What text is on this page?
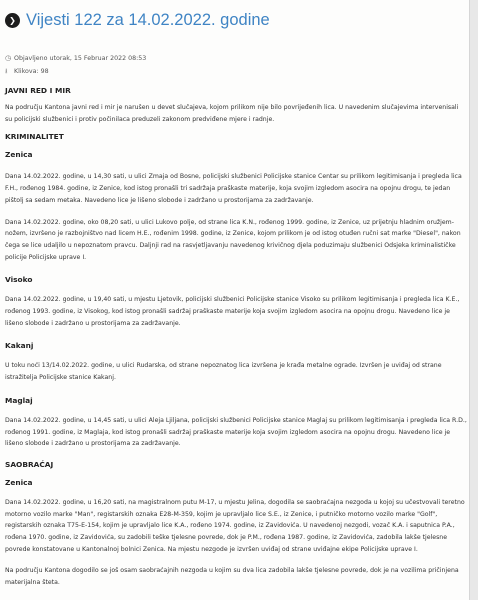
❯ Vijesti 122 za 14.02.2022. godine
◷ Objavljeno utorak, 15 Februar 2022 08:53
⭳ Klikova: 98
JAVNI RED I MIR

Na području Kantona javni red i mir je narušen u devet slučajeva, kojom prilikom nije bilo povrijeđenih lica. U navedenim slučajevima intervenisali su policijski službenici i protiv počinilaca preduzeli zakonom predviđene mjere i radnje.

KRIMINALITET
Zenica

Dana 14.02.2022. godine, u 14,30 sati, u ulici Zmaja od Bosne, policijski službenici Policijske stanice Centar su prilikom legitimisanja i pregleda lica F.H., rođenog 1984. godine, iz Zenice, kod istog pronašli tri sadržaja praškaste materije, koja svojim izgledom asocira na opojnu drogu, te jedan pištolj sa sedam metaka. Navedeno lice je lišeno slobode i zadržano u prostorijama za zadržavanje.

Dana 14.02.2022. godine, oko 08,20 sati, u ulici Lukovo polje, od strane lica K.N., rođenog 1999. godine, iz Zenice, uz prijetnju hladnim oružjem-nožem, izvršeno je razbojništvo nad licem H.E., rođenim 1998. godine, iz Zenice, kojom prilikom je od istog otuđen ručni sat marke "Diesel", nakon čega se lice udaljilo u nepoznatom pravcu. Daljnji rad na rasvjetljavanju navedenog krivičnog djela poduzimaju službenici Odsjeka kriminalističke policije Policijske uprave I.

Visoko

Dana 14.02.2022. godine, u 19,40 sati, u mjestu Ljetovik, policijski službenici Policijske stanice Visoko su prilikom legitimisanja i pregleda lica K.E., rođenog 1993. godine, iz Visokog, kod istog pronašli sadržaj praškaste materije koja svojim izgledom asocira na opojnu drogu. Navedeno lice je lišeno slobode i zadržano u prostorijama za zadržavanje.

Kakanj

U toku noći 13/14.02.2022. godine, u ulici Rudarska, od strane nepoznatog lica izvršena je krađa metalne ograde. Izvršen je uviđaj od strane istražitelja Policijske stanice Kakanj.

Maglaj

Dana 14.02.2022. godine, u 14,45 sati, u ulici Aleja Ljiljana, policijski službenici Policijske stanice Maglaj su prilikom legitimisanja i pregleda lica R.D., rođenog 1991. godine, iz Maglaja, kod istog pronašli sadržaj praškaste materije koja svojim izgledom asocira na opojnu drogu. Navedeno lice je lišeno slobode i zadržano u prostorijama za zadržavanje.

SAOBRAĆAJ
Zenica

Dana 14.02.2022. godine, u 16,20 sati, na magistralnom putu M-17, u mjestu Jelina, dogodila se saobraćajna nezgoda u kojoj su učestvovali teretno motorno vozilo marke "Man", registarskih oznaka E28-M-359, kojim je upravljalo lice S.E., iz Zenice, i putničko motorno vozilo marke "Golf", registarskih oznaka T75-E-154, kojim je upravljalo lice K.A., rođeno 1974. godine, iz Zavidovića. U navedenoj nezgodi, vozač K.A. i saputnica P.A., rođena 1970. godine, iz Zavidovića, su zadobili teške tjelesne povrede, dok je P.M., rođena 1987. godine, iz Zavidovića, zadobila lakše tjelesne povrede konstatovane u Kantonalnoj bolnici Zenica. Na mjestu nezgode je izvršen uviđaj od strane uviđajne ekipe Policijske uprave I.

Na području Kantona dogodilo se još osam saobraćajnih nezgoda u kojim su dva lica zadobila lakše tjelesne povrede, dok je na vozilima pričinjena materijalna šteta.
